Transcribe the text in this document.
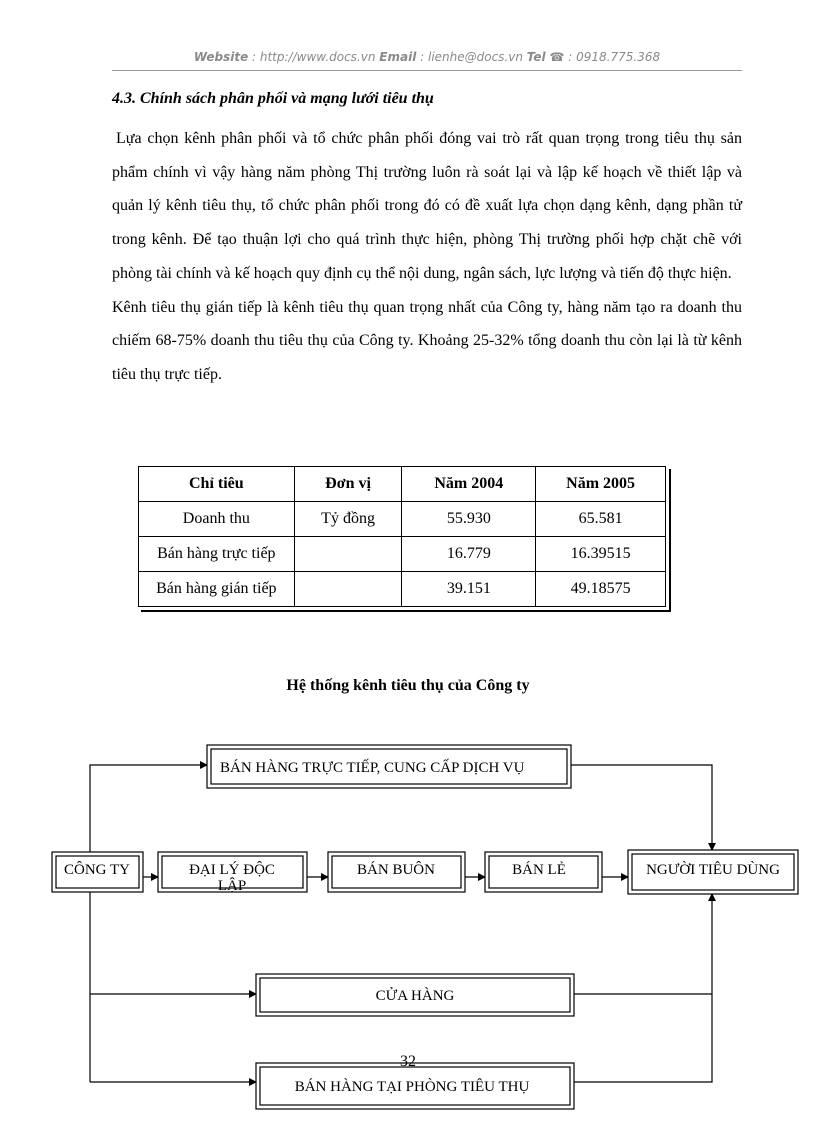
Website : http://www.docs.vn Email : lienhe@docs.vn Tel ☎ : 0918.775.368
4.3. Chính sách phân phối và mạng lưới tiêu thụ

Lựa chọn kênh phân phối và tổ chức phân phối đóng vai trò rất quan trọng trong tiêu thụ sản phẩm chính vì vậy hàng năm phòng Thị trường luôn rà soát lại và lập kế hoạch về thiết lập và quản lý kênh tiêu thụ, tổ chức phân phối trong đó có đề xuất lựa chọn dạng kênh, dạng phần tử trong kênh. Để tạo thuận lợi cho quá trình thực hiện, phòng Thị trường phối hợp chặt chẽ với phòng tài chính và kế hoạch quy định cụ thể nội dung, ngân sách, lực lượng và tiến độ thực hiện.

Kênh tiêu thụ gián tiếp là kênh tiêu thụ quan trọng nhất của Công ty, hàng năm tạo ra doanh thu chiếm 68-75% doanh thu tiêu thụ của Công ty. Khoảng 25-32% tổng doanh thu còn lại là từ kênh tiêu thụ trực tiếp.

Chỉ tiêu	Đơn vị	Năm 2004	Năm 2005
Doanh thu	Tỷ đồng	55.930	65.581
Bán hàng trực tiếp		16.779	16.39515
Bán hàng gián tiếp		39.151	49.18575
Hệ thống kênh tiêu thụ của Công ty
BÁN HÀNG TRỰC TIẾP, CUNG CẤP DỊCH VỤ
CÔNG TY	ĐẠI LÝ ĐỘC
LẬP
BÁN BUÔN	BÁN LẺ	NGƯỜI TIÊU DÙNG
CỬA HÀNG
BÁN HÀNG TẠI PHÒNG TIÊU THỤ
32
